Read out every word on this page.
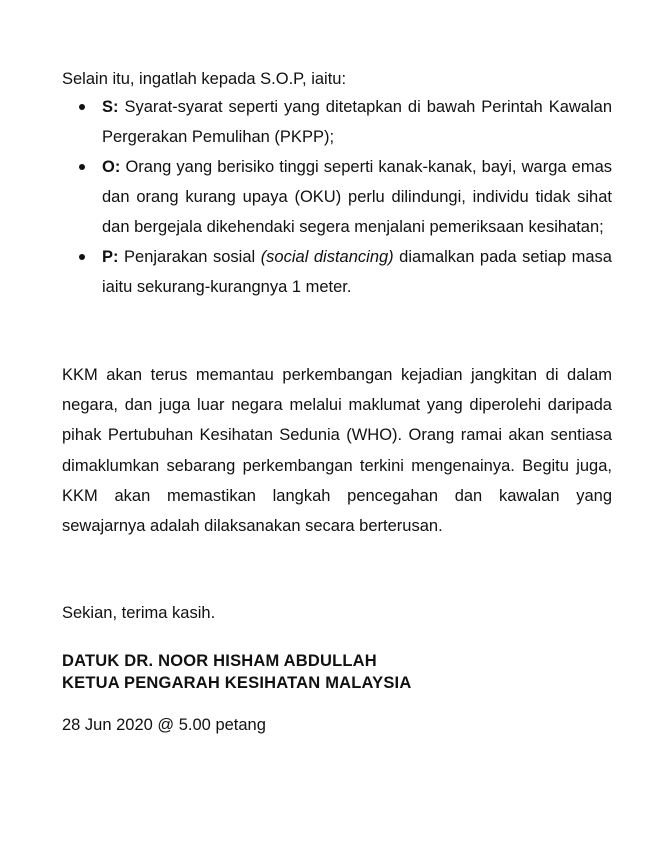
Selain itu, ingatlah kepada S.O.P, iaitu:

S: Syarat-syarat seperti yang ditetapkan di bawah Perintah Kawalan Pergerakan Pemulihan (PKPP);
O: Orang yang berisiko tinggi seperti kanak-kanak, bayi, warga emas dan orang kurang upaya (OKU) perlu dilindungi, individu tidak sihat dan bergejala dikehendaki segera menjalani pemeriksaan kesihatan;
P: Penjarakan sosial (social distancing) diamalkan pada setiap masa iaitu sekurang-kurangnya 1 meter.

KKM akan terus memantau perkembangan kejadian jangkitan di dalam negara, dan juga luar negara melalui maklumat yang diperolehi daripada pihak Pertubuhan Kesihatan Sedunia (WHO). Orang ramai akan sentiasa dimaklumkan sebarang perkembangan terkini mengenainya. Begitu juga, KKM akan memastikan langkah pencegahan dan kawalan yang sewajarnya adalah dilaksanakan secara berterusan.

Sekian, terima kasih.

DATUK DR. NOOR HISHAM ABDULLAH
KETUA PENGARAH KESIHATAN MALAYSIA

28 Jun 2020 @ 5.00 petang
